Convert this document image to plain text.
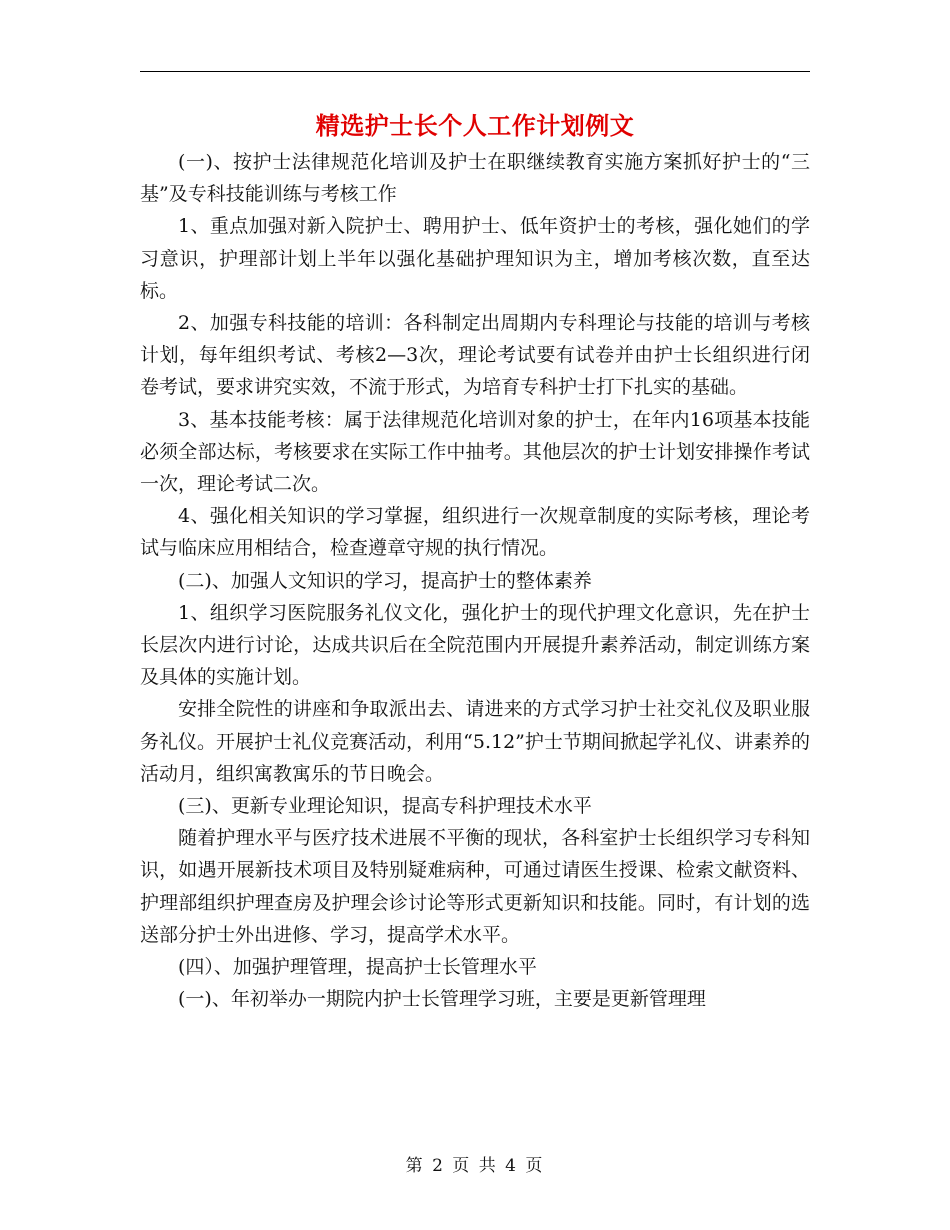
精选护士长个人工作计划例文

(一)、按护士法律规范化培训及护士在职继续教育实施方案抓好护士的“三基”及专科技能训练与考核工作

1、重点加强对新入院护士、聘用护士、低年资护士的考核，强化她们的学习意识，护理部计划上半年以强化基础护理知识为主，增加考核次数，直至达标。

2、加强专科技能的培训：各科制定出周期内专科理论与技能的培训与考核计划，每年组织考试、考核2—3次，理论考试要有试卷并由护士长组织进行闭卷考试，要求讲究实效，不流于形式，为培育专科护士打下扎实的基础。

3、基本技能考核：属于法律规范化培训对象的护士，在年内16项基本技能必须全部达标，考核要求在实际工作中抽考。其他层次的护士计划安排操作考试一次，理论考试二次。

4、强化相关知识的学习掌握，组织进行一次规章制度的实际考核，理论考试与临床应用相结合，检查遵章守规的执行情况。

(二)、加强人文知识的学习，提高护士的整体素养

1、组织学习医院服务礼仪文化，强化护士的现代护理文化意识，先在护士长层次内进行讨论，达成共识后在全院范围内开展提升素养活动，制定训练方案及具体的实施计划。

安排全院性的讲座和争取派出去、请进来的方式学习护士社交礼仪及职业服务礼仪。开展护士礼仪竞赛活动，利用“5.12”护士节期间掀起学礼仪、讲素养的活动月，组织寓教寓乐的节日晚会。

(三)、更新专业理论知识，提高专科护理技术水平

随着护理水平与医疗技术进展不平衡的现状，各科室护士长组织学习专科知识，如遇开展新技术项目及特别疑难病种，可通过请医生授课、检索文献资料、护理部组织护理查房及护理会诊讨论等形式更新知识和技能。同时，有计划的选送部分护士外出进修、学习，提高学术水平。

(四）、加强护理管理，提高护士长管理水平

(一)、年初举办一期院内护士长管理学习班，主要是更新管理理

第 2 页 共 4 页
